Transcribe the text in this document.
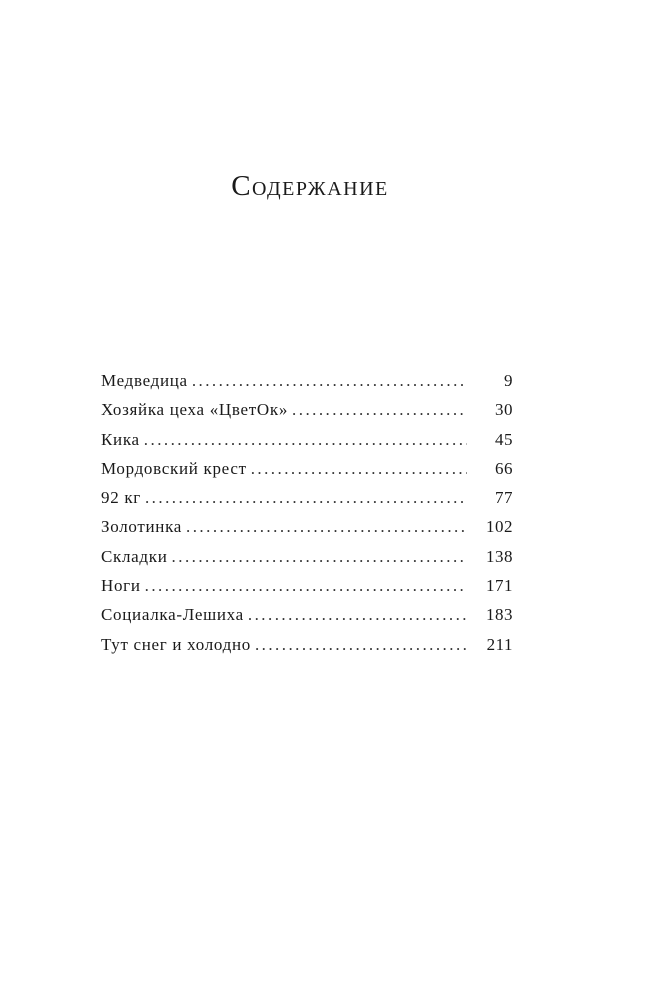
Содержание
Медведица . . .	9
Хозяйка цеха «ЦветОк» . . .	30
Кика . . .	45
Мордовский крест . . .	66
92 кг . . .	77
Золотинка . . .	102
Складки . . .	138
Ноги . . .	171
Социалка-Лешиха . . .	183
Тут снег и холодно . . .	211
